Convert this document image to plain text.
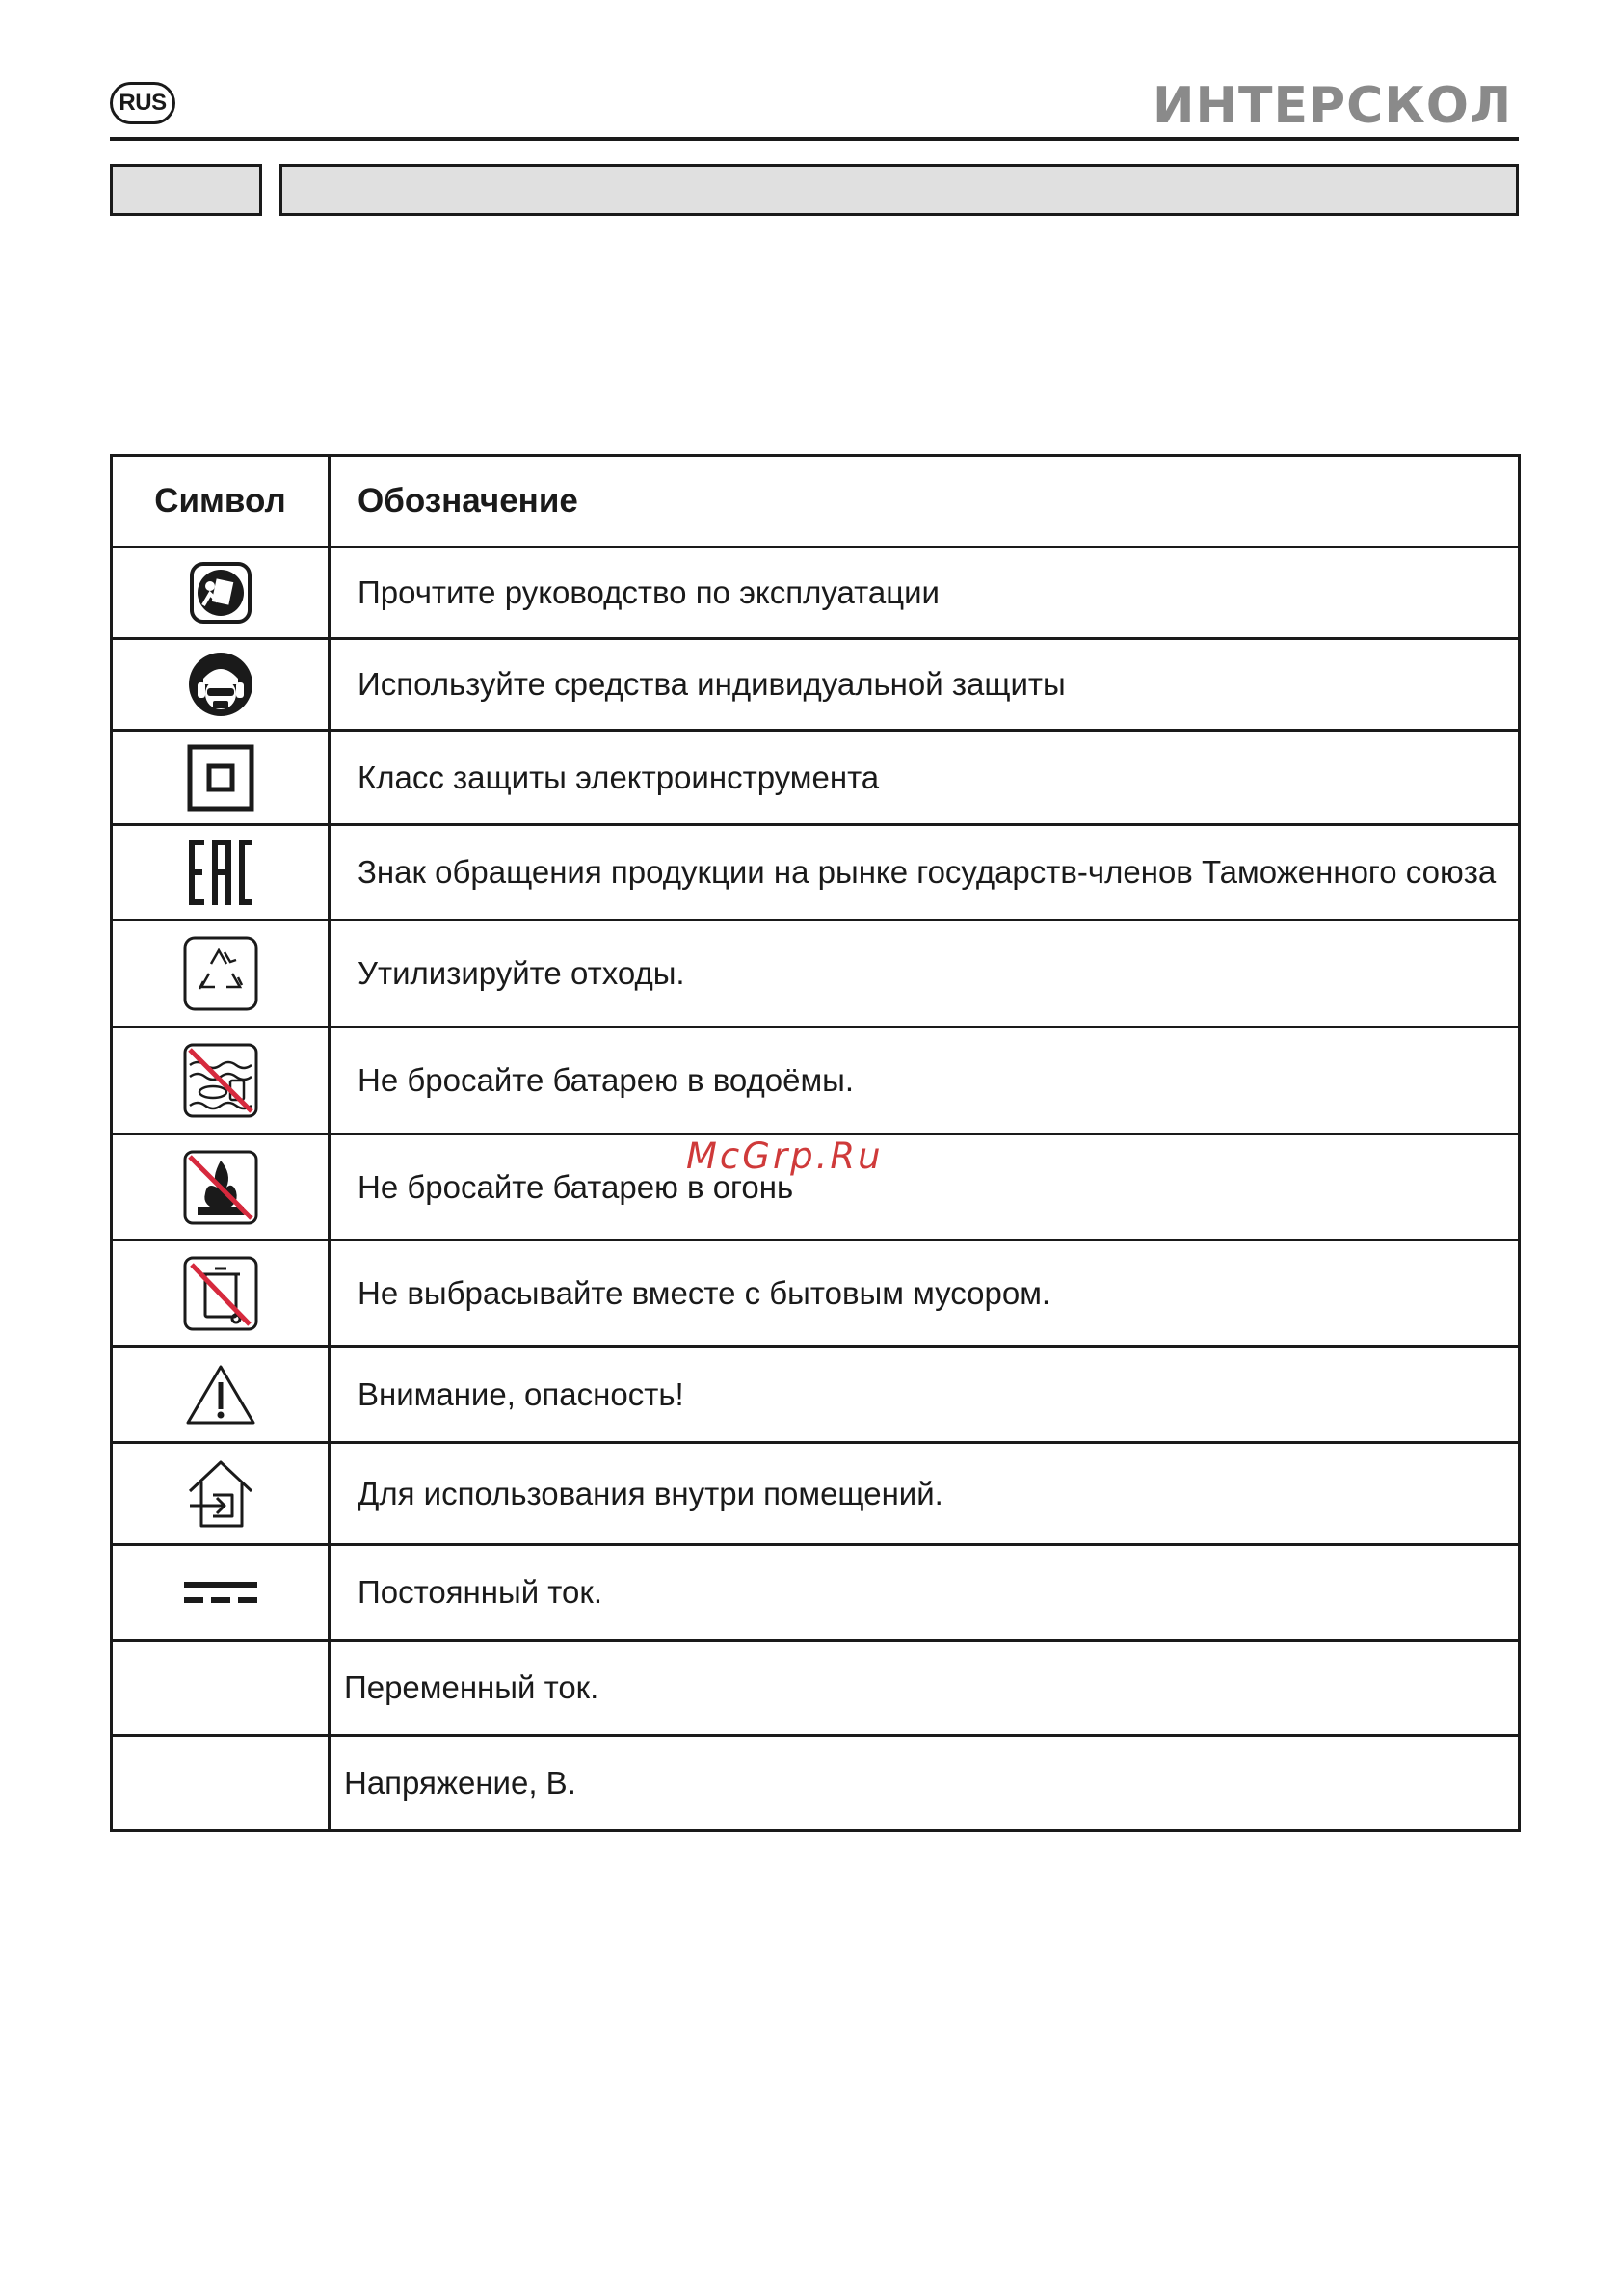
RUS	ИНТЕРСКОЛ
Символ	Обозначение

	Прочтите руководство по эксплуатации

	Используйте средства индивидуальной защиты

	Класс защиты электроинструмента

	Знак обращения продукции на рынке государств-членов Таможенного союза

	Утилизируйте отходы.

	Не бросайте батарею в водоёмы.

	Не бросайте батарею в огонь

	Не выбрасывайте вместе с бытовым мусором.

	Внимание, опасность!

	Для использования внутри помещений.

	Постоянный ток.
	Переменный ток.
	Напряжение, В.
McGrp.Ru
